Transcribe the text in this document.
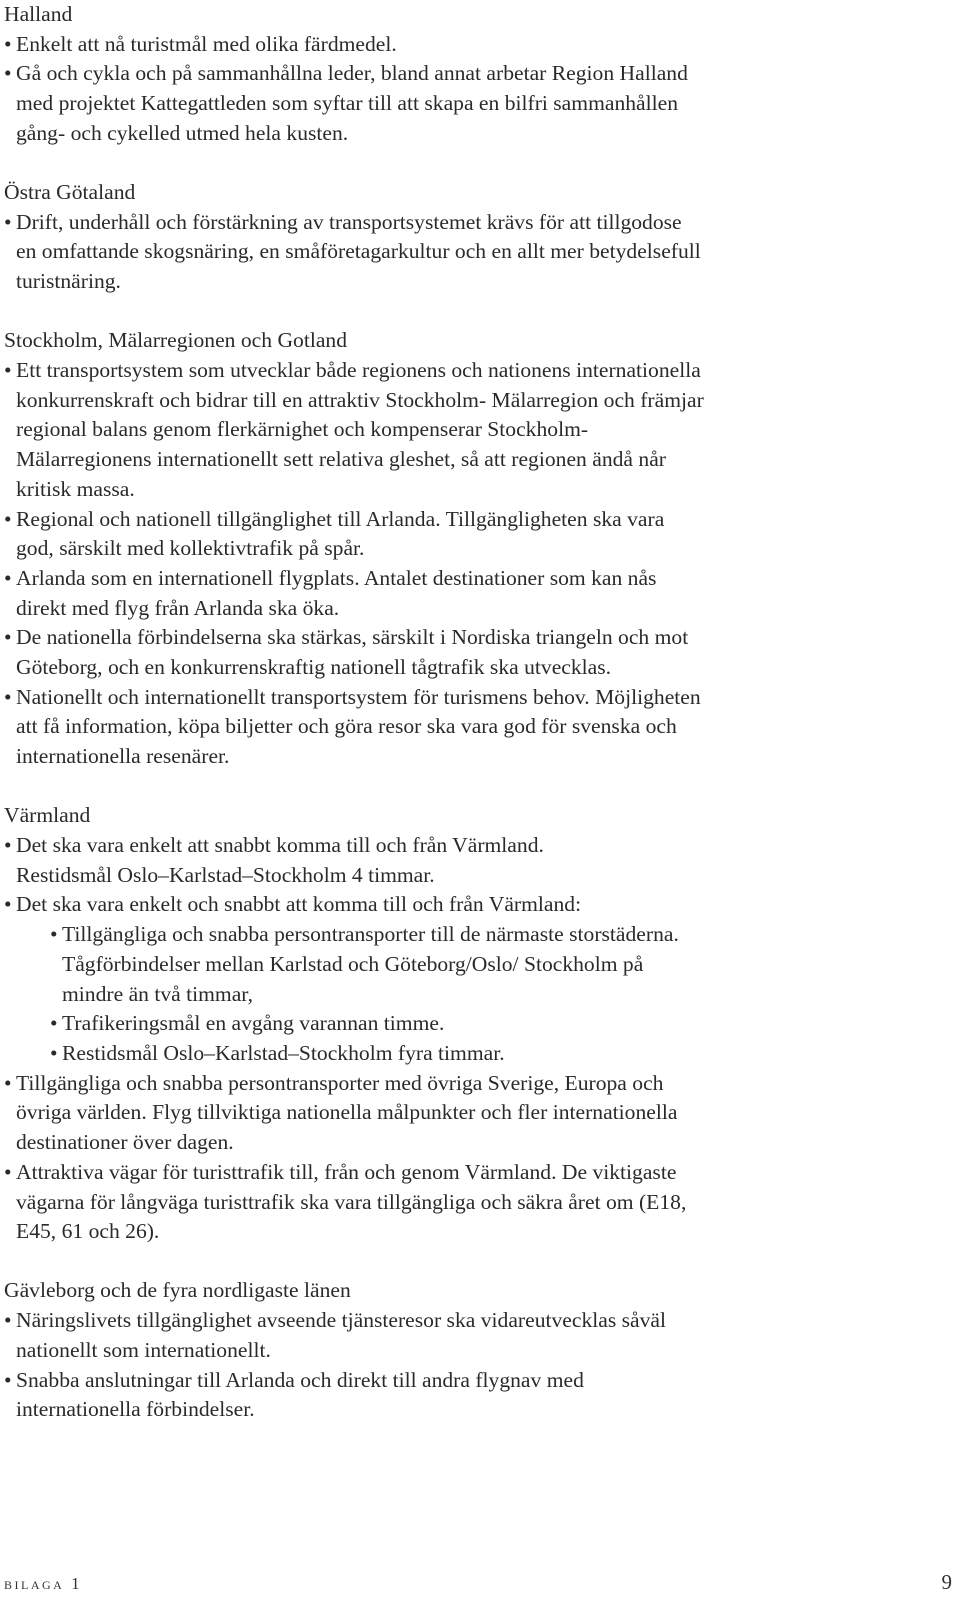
Halland
• Enkelt att nå turistmål med olika färdmedel.
• Gå och cykla och på sammanhållna leder, bland annat arbetar Region Halland med projektet Kattegattleden som syftar till att skapa en bilfri sammanhållen gång- och cykelled utmed hela kusten.
Östra Götaland
• Drift, underhåll och förstärkning av transportsystemet krävs för att tillgodose en omfattande skogsnäring, en småföretagarkultur och en allt mer betydelsefull turistnäring.
Stockholm, Mälarregionen och Gotland
• Ett transportsystem som utvecklar både regionens och nationens internationella konkurrenskraft och bidrar till en attraktiv Stockholm- Mälarregion och främjar regional balans genom flerkärnighet och kompenserar Stockholm- Mälarregionens internationellt sett relativa gleshet, så att regionen ändå når kritisk massa.
• Regional och nationell tillgänglighet till Arlanda. Tillgängligheten ska vara god, särskilt med kollektivtrafik på spår.
• Arlanda som en internationell flygplats. Antalet destinationer som kan nås direkt med flyg från Arlanda ska öka.
• De nationella förbindelserna ska stärkas, särskilt i Nordiska triangeln och mot Göteborg, och en konkurrenskraftig nationell tågtrafik ska utvecklas.
• Nationellt och internationellt transportsystem för turismens behov. Möjligheten att få information, köpa biljetter och göra resor ska vara god för svenska och internationella resenärer.
Värmland
• Det ska vara enkelt att snabbt komma till och från Värmland.
Restidsmål Oslo–Karlstad–Stockholm 4 timmar.
• Det ska vara enkelt och snabbt att komma till och från Värmland:
• Tillgängliga och snabba persontransporter till de närmaste storstäderna. Tågförbindelser mellan Karlstad och Göteborg/Oslo/ Stockholm på mindre än två timmar,
• Trafikeringsmål en avgång varannan timme.
• Restidsmål Oslo–Karlstad–Stockholm fyra timmar.
• Tillgängliga och snabba persontransporter med övriga Sverige, Europa och övriga världen. Flyg tillviktiga nationella målpunkter och fler internationella destinationer över dagen.
• Attraktiva vägar för turisttrafik till, från och genom Värmland. De viktigaste vägarna för långväga turisttrafik ska vara tillgängliga och säkra året om (E18, E45, 61 och 26).
Gävleborg och de fyra nordligaste länen
• Näringslivets tillgänglighet avseende tjänsteresor ska vidareutvecklas såväl nationellt som internationellt.
• Snabba anslutningar till Arlanda och direkt till andra flygnav med internationella förbindelser.
bilaga 1	9
